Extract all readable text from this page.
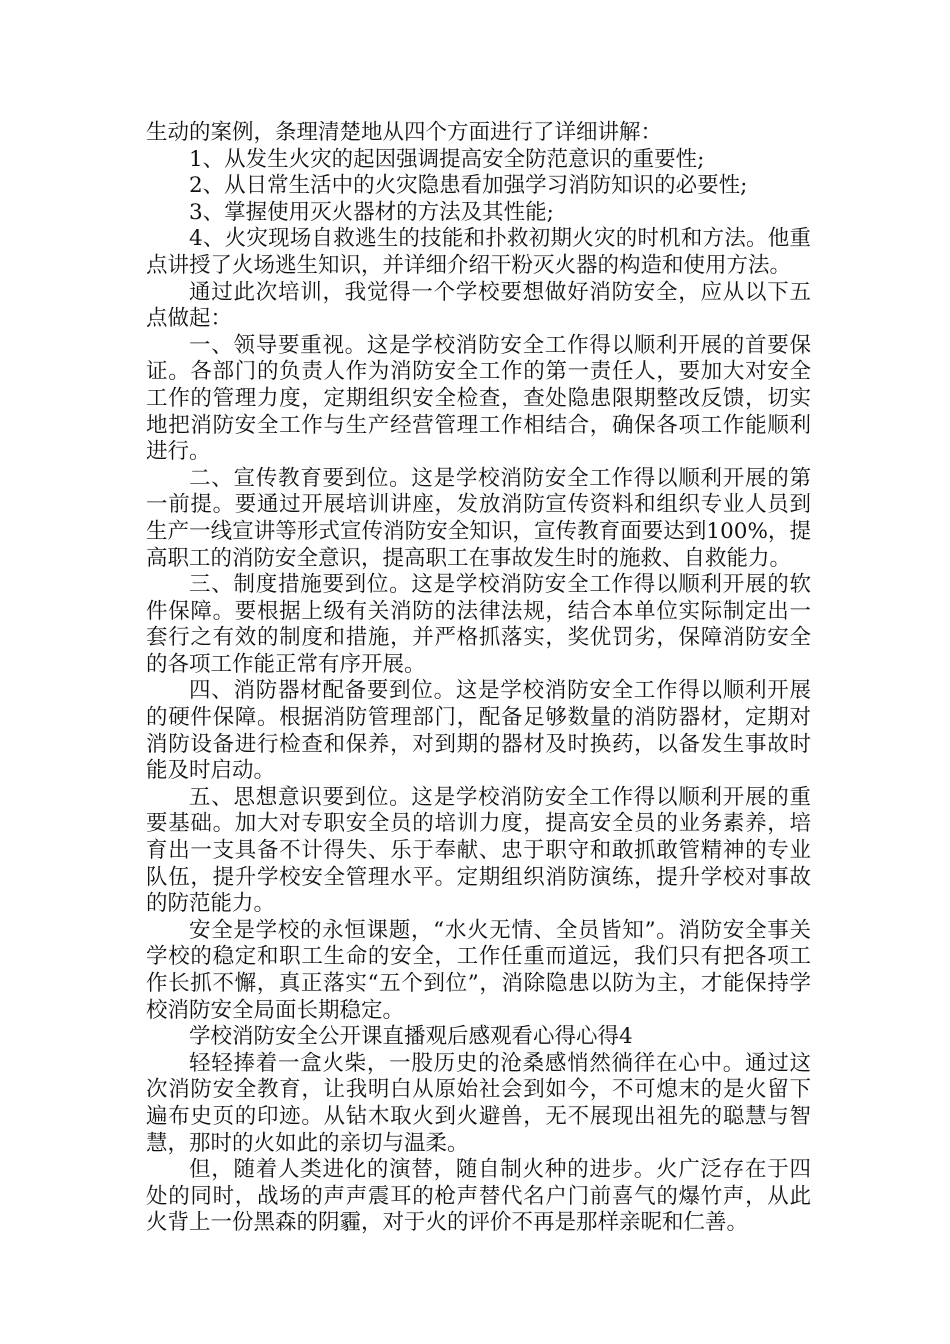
生动的案例，条理清楚地从四个方面进行了详细讲解：

1、从发生火灾的起因强调提高安全防范意识的重要性;

2、从日常生活中的火灾隐患看加强学习消防知识的必要性;

3、掌握使用灭火器材的方法及其性能;

4、火灾现场自救逃生的技能和扑救初期火灾的时机和方法。他重点讲授了火场逃生知识，并详细介绍干粉灭火器的构造和使用方法。

通过此次培训，我觉得一个学校要想做好消防安全，应从以下五点做起：

一、领导要重视。这是学校消防安全工作得以顺利开展的首要保证。各部门的负责人作为消防安全工作的第一责任人，要加大对安全工作的管理力度，定期组织安全检查，查处隐患限期整改反馈，切实地把消防安全工作与生产经营管理工作相结合，确保各项工作能顺利进行。

二、宣传教育要到位。这是学校消防安全工作得以顺利开展的第一前提。要通过开展培训讲座，发放消防宣传资料和组织专业人员到生产一线宣讲等形式宣传消防安全知识，宣传教育面要达到100%，提高职工的消防安全意识，提高职工在事故发生时的施救、自救能力。

三、制度措施要到位。这是学校消防安全工作得以顺利开展的软件保障。要根据上级有关消防的法律法规，结合本单位实际制定出一套行之有效的制度和措施，并严格抓落实，奖优罚劣，保障消防安全的各项工作能正常有序开展。

四、消防器材配备要到位。这是学校消防安全工作得以顺利开展的硬件保障。根据消防管理部门，配备足够数量的消防器材，定期对消防设备进行检查和保养，对到期的器材及时换药，以备发生事故时能及时启动。

五、思想意识要到位。这是学校消防安全工作得以顺利开展的重要基础。加大对专职安全员的培训力度，提高安全员的业务素养，培育出一支具备不计得失、乐于奉献、忠于职守和敢抓敢管精神的专业队伍，提升学校安全管理水平。定期组织消防演练，提升学校对事故的防范能力。

安全是学校的永恒课题，“水火无情、全员皆知”。消防安全事关学校的稳定和职工生命的安全，工作任重而道远，我们只有把各项工作长抓不懈，真正落实“五个到位”，消除隐患以防为主，才能保持学校消防安全局面长期稳定。

学校消防安全公开课直播观后感观看心得心得4

轻轻捧着一盒火柴，一股历史的沧桑感悄然徜徉在心中。通过这次消防安全教育，让我明白从原始社会到如今，不可熄末的是火留下遍布史页的印迹。从钻木取火到火避兽，无不展现出祖先的聪慧与智慧，那时的火如此的亲切与温柔。

但，随着人类进化的演替，随自制火种的进步。火广泛存在于四处的同时，战场的声声震耳的枪声替代名户门前喜气的爆竹声，从此火背上一份黑森的阴霾，对于火的评价不再是那样亲昵和仁善。
